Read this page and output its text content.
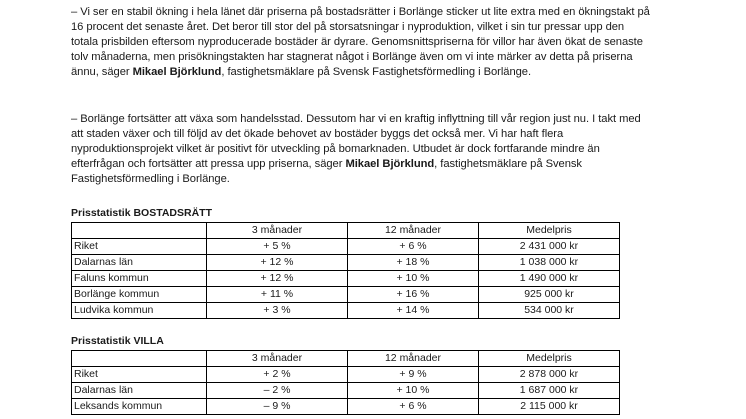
– Vi ser en stabil ökning i hela länet där priserna på bostadsrätter i Borlänge sticker ut lite extra med en ökningstakt på 16 procent det senaste året. Det beror till stor del på storsatsningar i nyproduktion, vilket i sin tur pressar upp den totala prisbilden eftersom nyproducerade bostäder är dyrare. Genomsnittspriserna för villor har även ökat de senaste tolv månaderna, men prisökningstakten har stagnerat något i Borlänge även om vi inte märker av detta på priserna ännu, säger Mikael Björklund, fastighetsmäklare på Svensk Fastighetsförmedling i Borlänge.

– Borlänge fortsätter att växa som handelsstad. Dessutom har vi en kraftig inflyttning till vår region just nu. I takt med att staden växer och till följd av det ökade behovet av bostäder byggs det också mer. Vi har haft flera nyproduktionsprojekt vilket är positivt för utveckling på bomarknaden. Utbudet är dock fortfarande mindre än efterfrågan och fortsätter att pressa upp priserna, säger Mikael Björklund, fastighetsmäklare på Svensk Fastighetsförmedling i Borlänge.

Prisstatistik BOSTADSRÄTT
	3 månader	12 månader	Medelpris
Riket	+ 5 %	+ 6 %	2 431 000 kr
Dalarnas län	+ 12 %	+ 18 %	1 038 000 kr
Faluns kommun	+ 12 %	+ 10 %	1 490 000 kr
Borlänge kommun	+ 11 %	+ 16 %	925 000 kr
Ludvika kommun	+ 3 %	+ 14 %	534 000 kr
Prisstatistik VILLA
	3 månader	12 månader	Medelpris
Riket	+ 2 %	+ 9 %	2 878 000 kr
Dalarnas län	– 2 %	+ 10 %	1 687 000 kr
Leksands kommun	– 9 %	+ 6 %	2 115 000 kr
